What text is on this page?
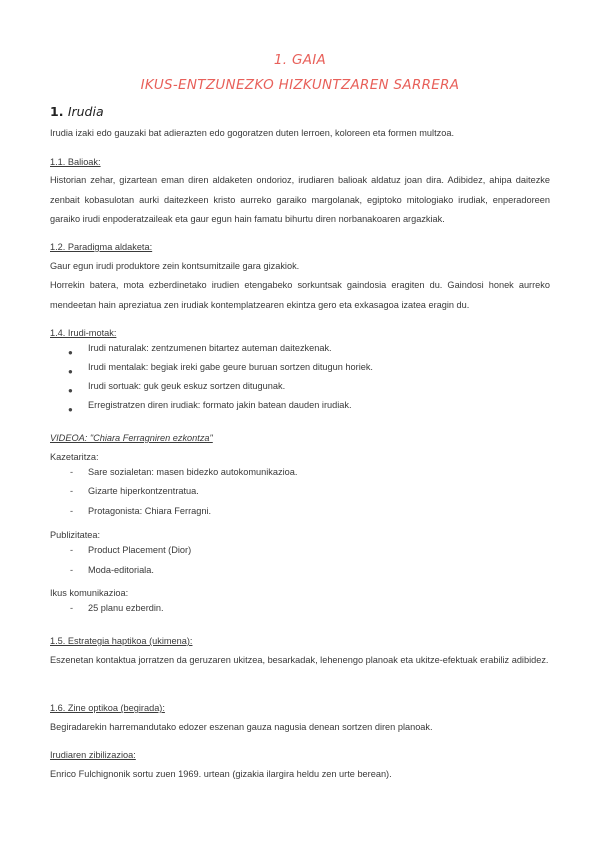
1. GAIA
IKUS-ENTZUNEZKO HIZKUNTZAREN SARRERA
1. Irudia
Irudia izaki edo gauzaki bat adierazten edo gogoratzen duten lerroen, koloreen eta formen multzoa.
1.1. Balioak:
Historian zehar, gizartean eman diren aldaketen ondorioz, irudiaren balioak aldatuz joan dira. Adibidez, ahipa daitezke zenbait kobasulotan aurki daitezkeen kristo aurreko garaiko margolanak, egiptoko mitologiako irudiak, enperadoreen garaiko irudi enpoderatzaileak eta gaur egun hain famatu bihurtu diren norbanakoaren argazkiak.
1.2. Paradigma aldaketa:
Gaur egun irudi produktore zein kontsumitzaile gara gizakiok.
Horrekin batera, mota ezberdinetako irudien etengabeko sorkuntsak gaindosia eragiten du. Gaindosi honek aurreko mendeetan hain apreziatua zen irudiak kontemplatzearen ekintza gero eta exkasagoa izatea eragin du.
1.4. Irudi-motak:
● Irudi naturalak: zentzumenen bitartez auteman daitezkenak.
● Irudi mentalak: begiak ireki gabe geure buruan sortzen ditugun horiek.
● Irudi sortuak: guk geuk eskuz sortzen ditugunak.
● Erregistratzen diren irudiak: formato jakin batean dauden irudiak.
VIDEOA: "Chiara Ferragniren ezkontza"
Kazetaritza:
- Sare sozialetan: masen bidezko autokomunikazioa.
- Gizarte hiperkontzentratua.
- Protagonista: Chiara Ferragni.
Publizitatea:
- Product Placement (Dior)
- Moda-editoriala.
Ikus komunikazioa:
- 25 planu ezberdin.
1.5. Estrategia haptikoa (ukimena):
Eszenetan kontaktua jorratzen da geruzaren ukitzea, besarkadak, lehenengo planoak eta ukitze-efektuak erabiliz adibidez.
1.6. Zine optikoa (begirada):
Begiradarekin harremandutako edozer eszenan gauza nagusia denean sortzen diren planoak.
Irudiaren zibilizazioa:
Enrico Fulchignonik sortu zuen 1969. urtean (gizakia ilargira heldu zen urte berean).
